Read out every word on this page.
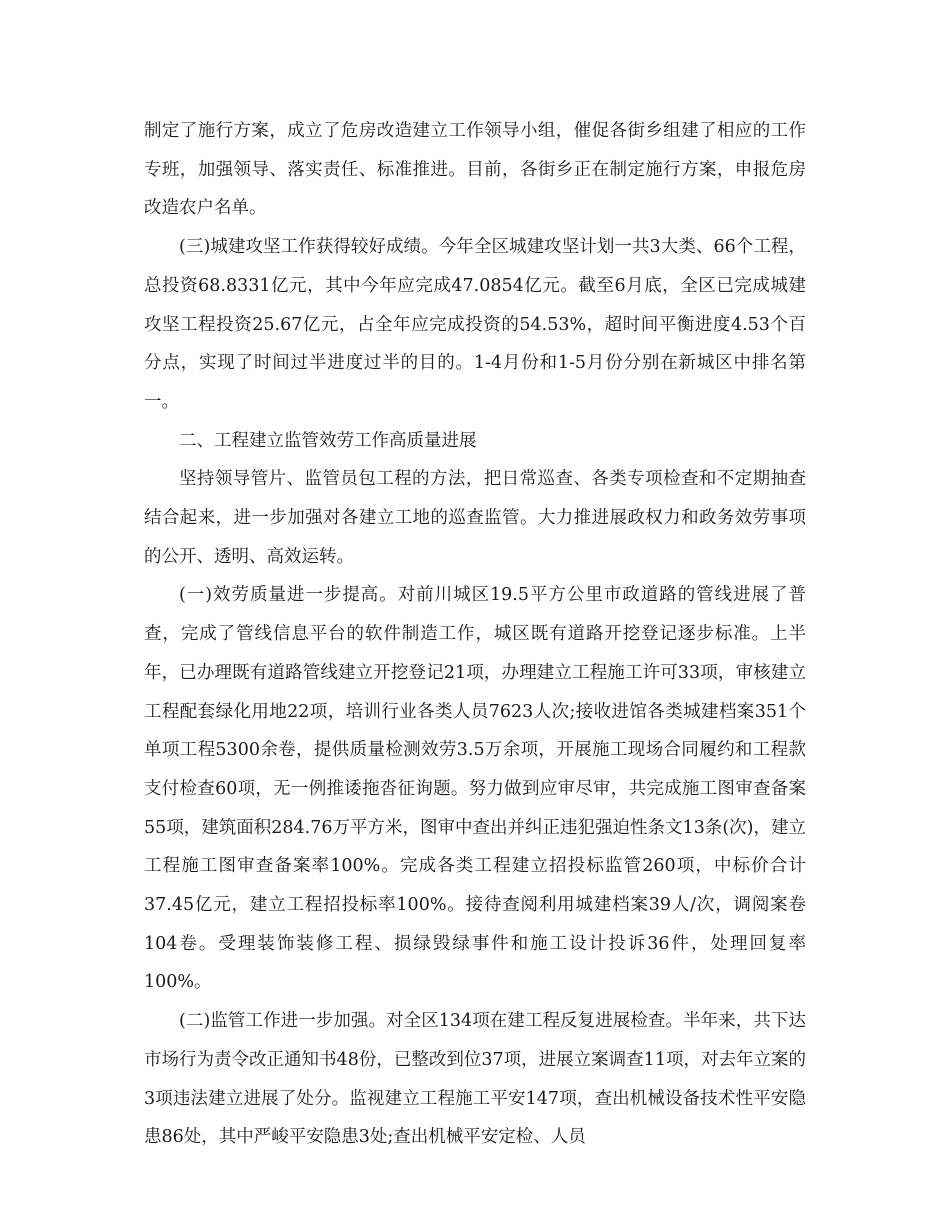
制定了施行方案，成立了危房改造建立工作领导小组，催促各街乡组建了相应的工作专班，加强领导、落实责任、标准推进。目前，各街乡正在制定施行方案，申报危房改造农户名单。

(三)城建攻坚工作获得较好成绩。今年全区城建攻坚计划一共3大类、66个工程，总投资68.8331亿元，其中今年应完成47.0854亿元。截至6月底，全区已完成城建攻坚工程投资25.67亿元，占全年应完成投资的54.53%，超时间平衡进度4.53个百分点，实现了时间过半进度过半的目的。1-4月份和1-5月份分别在新城区中排名第一。

二、工程建立监管效劳工作高质量进展

坚持领导管片、监管员包工程的方法，把日常巡查、各类专项检查和不定期抽查结合起来，进一步加强对各建立工地的巡查监管。大力推进展政权力和政务效劳事项的公开、透明、高效运转。

(一)效劳质量进一步提高。对前川城区19.5平方公里市政道路的管线进展了普查，完成了管线信息平台的软件制造工作，城区既有道路开挖登记逐步标准。上半年，已办理既有道路管线建立开挖登记21项，办理建立工程施工许可33项，审核建立工程配套绿化用地22项，培训行业各类人员7623人次;接收进馆各类城建档案351个单项工程5300余卷，提供质量检测效劳3.5万余项，开展施工现场合同履约和工程款支付检查60项，无一例推诿拖沓征询题。努力做到应审尽审，共完成施工图审查备案55项，建筑面积284.76万平方米，图审中查出并纠正违犯强迫性条文13条(次)，建立工程施工图审查备案率100%。完成各类工程建立招投标监管260项，中标价合计37.45亿元，建立工程招投标率100%。接待查阅利用城建档案39人/次，调阅案卷104卷。受理装饰装修工程、损绿毁绿事件和施工设计投诉36件，处理回复率100%。

(二)监管工作进一步加强。对全区134项在建工程反复进展检查。半年来，共下达市场行为责令改正通知书48份，已整改到位37项，进展立案调查11项，对去年立案的3项违法建立进展了处分。监视建立工程施工平安147项，查出机械设备技术性平安隐患86处，其中严峻平安隐患3处;查出机械平安定检、人员
